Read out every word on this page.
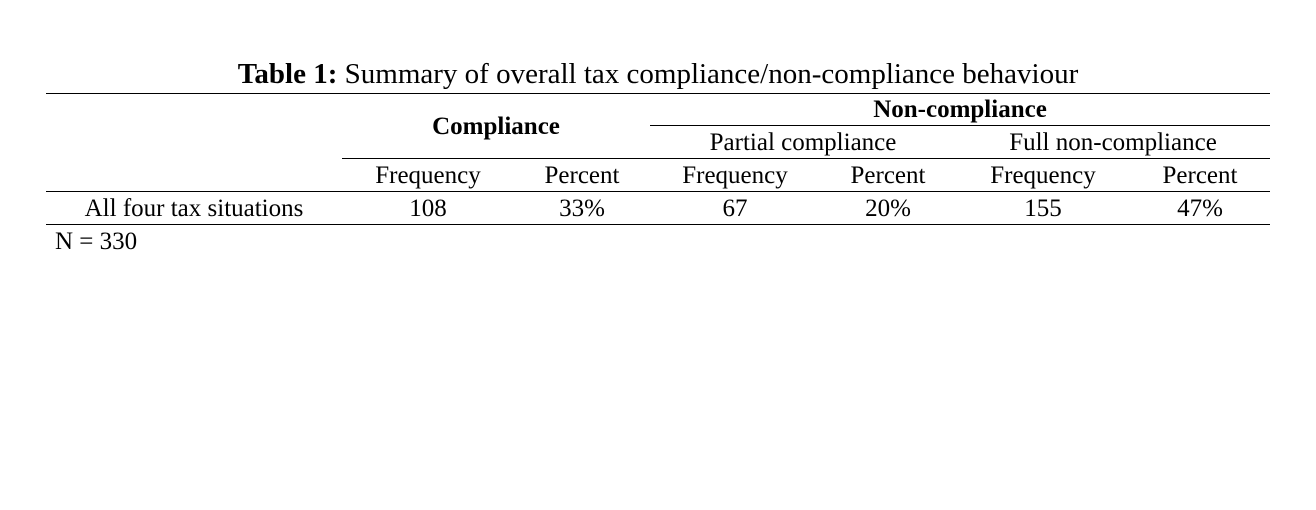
Table 1: Summary of overall tax compliance/non-compliance behaviour
Compliance
Non-compliance
Partial compliance	Full non-compliance
Frequency	Percent	Frequency	Percent	Frequency	Percent
All four tax situations	108	33%	67	20%	155	47%
N = 330
